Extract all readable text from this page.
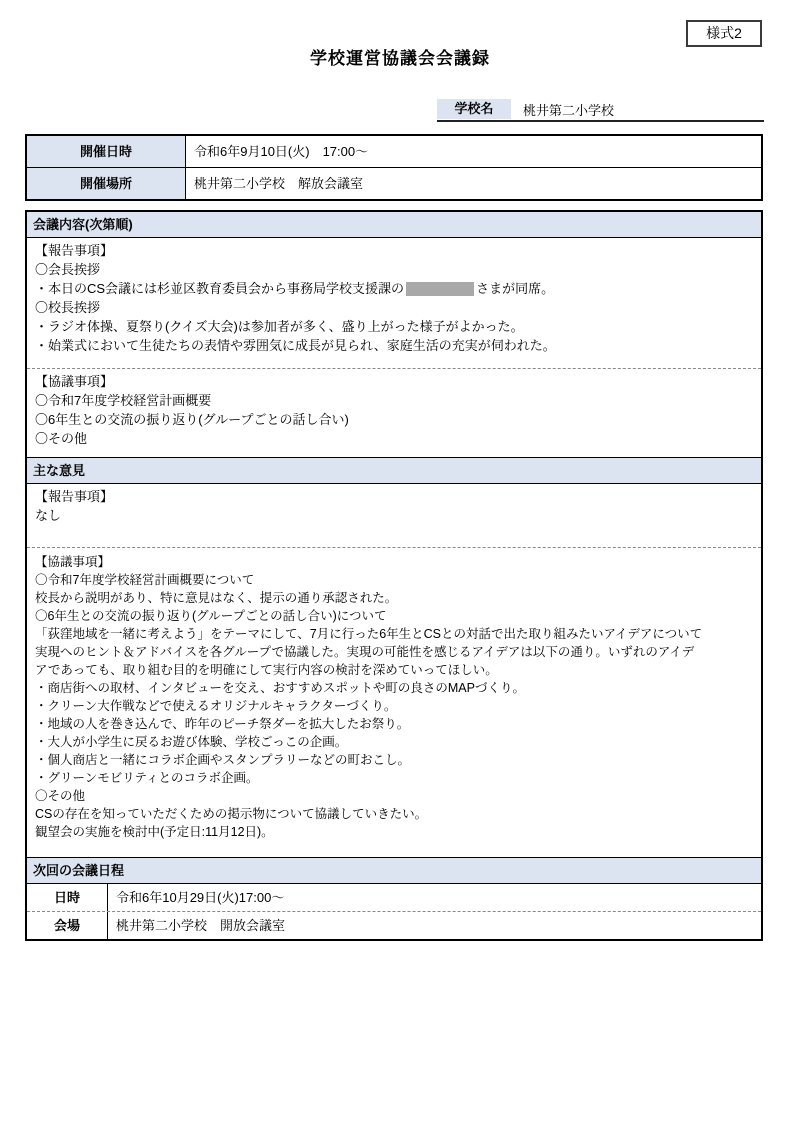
様式2
学校運営協議会会議録
学校名	桃井第二小学校
開催日時	令和6年9月10日(火)　17:00～
開催場所	桃井第二小学校　解放会議室
会議内容(次第順)
【報告事項】
〇会長挨拶
・本日のCS会議には杉並区教育委員会から事務局学校支援課の	さまが同席。
〇校長挨拶
・ラジオ体操、夏祭り(クイズ大会)は参加者が多く、盛り上がった様子がよかった。
・始業式において生徒たちの表情や雰囲気に成長が見られ、家庭生活の充実が伺われた。
【協議事項】
〇令和7年度学校経営計画概要
〇6年生との交流の振り返り(グループごとの話し合い)
〇その他
主な意見
【報告事項】
なし
【協議事項】
〇令和7年度学校経営計画概要について
校長から説明があり、特に意見はなく、提示の通り承認された。
〇6年生との交流の振り返り(グループごとの話し合い)について
「荻窪地域を一緒に考えよう」をテーマにして、7月に行った6年生とCSとの対話で出た取り組みたいアイデアについて
実現へのヒント＆アドバイスを各グループで協議した。実現の可能性を感じるアイデアは以下の通り。いずれのアイデ
アであっても、取り組む目的を明確にして実行内容の検討を深めていってほしい。
・商店街への取材、インタビューを交え、おすすめスポットや町の良さのMAPづくり。
・クリーン大作戦などで使えるオリジナルキャラクターづくり。
・地域の人を巻き込んで、昨年のピーチ祭ダーを拡大したお祭り。
・大人が小学生に戻るお遊び体験、学校ごっこの企画。
・個人商店と一緒にコラボ企画やスタンプラリーなどの町おこし。
・グリーンモビリティとのコラボ企画。
〇その他
CSの存在を知っていただくための掲示物について協議していきたい。
観望会の実施を検討中(予定日:11月12日)。
次回の会議日程
日時	令和6年10月29日(火)17:00～
会場	桃井第二小学校　開放会議室
